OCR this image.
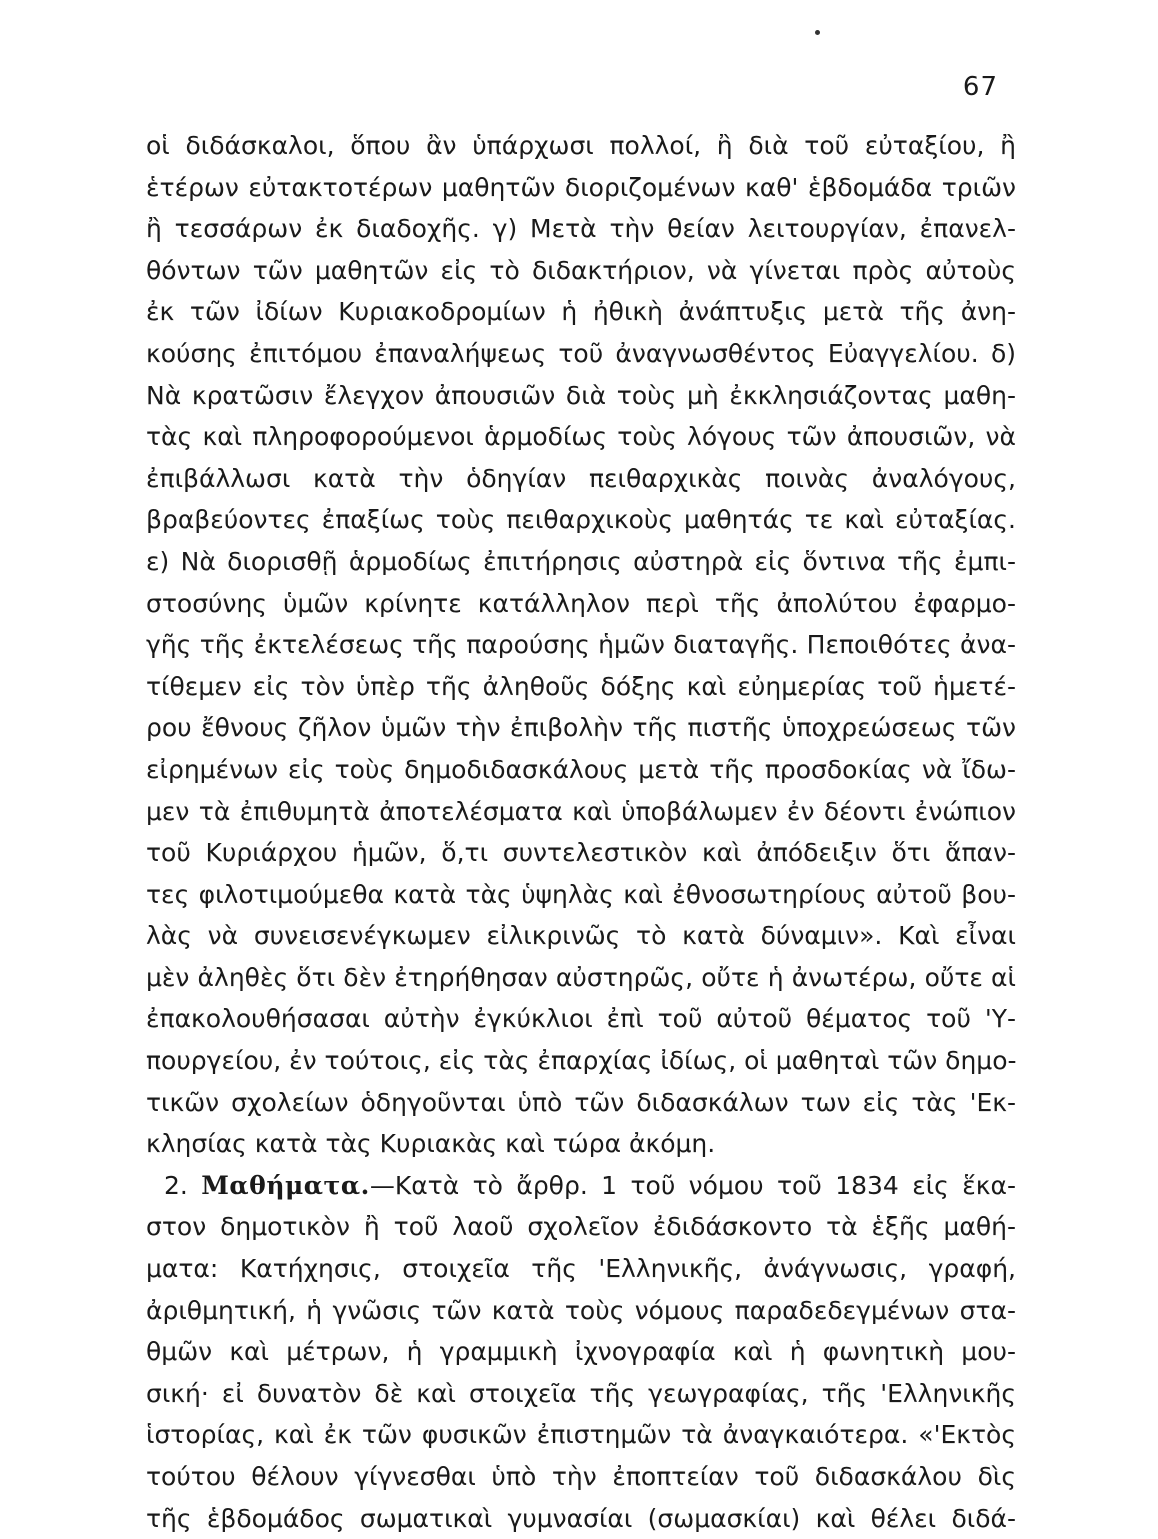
67
οἱ διδάσκαλοι, ὅπου ἂν ὑπάρχωσι πολλοί, ἢ διὰ τοῦ εὐταξίου, ἢ
ἑτέρων εὐτακτοτέρων μαθητῶν διοριζομένων καθ' ἑβδομάδα τριῶν
ἢ τεσσάρων ἐκ διαδοχῆς. γ) Μετὰ τὴν θείαν λειτουργίαν, ἐπανελ-
θόντων τῶν μαθητῶν εἰς τὸ διδακτήριον, νὰ γίνεται πρὸς αὐτοὺς
ἐκ τῶν ἰδίων Κυριακοδρομίων ἡ ἠθικὴ ἀνάπτυξις μετὰ τῆς ἀνη-
κούσης ἐπιτόμου ἐπαναλήψεως τοῦ ἀναγνωσθέντος Εὐαγγελίου. δ)
Νὰ κρατῶσιν ἔλεγχον ἀπουσιῶν διὰ τοὺς μὴ ἐκκλησιάζοντας μαθη-
τὰς καὶ πληροφορούμενοι ἁρμοδίως τοὺς λόγους τῶν ἀπουσιῶν, νὰ
ἐπιβάλλωσι κατὰ τὴν ὁδηγίαν πειθαρχικὰς ποινὰς ἀναλόγους,
βραβεύοντες ἐπαξίως τοὺς πειθαρχικοὺς μαθητάς τε καὶ εὐταξίας.
ε) Νὰ διορισθῇ ἁρμοδίως ἐπιτήρησις αὐστηρὰ εἰς ὅντινα τῆς ἐμπι-
στοσύνης ὑμῶν κρίνητε κατάλληλον περὶ τῆς ἀπολύτου ἐφαρμο-
γῆς τῆς ἐκτελέσεως τῆς παρούσης ἡμῶν διαταγῆς. Πεποιθότες ἀνα-
τίθεμεν εἰς τὸν ὑπὲρ τῆς ἀληθοῦς δόξης καὶ εὐημερίας τοῦ ἡμετέ-
ρου ἔθνους ζῆλον ὑμῶν τὴν ἐπιβολὴν τῆς πιστῆς ὑποχρεώσεως τῶν
εἰρημένων εἰς τοὺς δημοδιδασκάλους μετὰ τῆς προσδοκίας νὰ ἴδω-
μεν τὰ ἐπιθυμητὰ ἀποτελέσματα καὶ ὑποβάλωμεν ἐν δέοντι ἐνώπιον
τοῦ Κυριάρχου ἡμῶν, ὅ,τι συντελεστικὸν καὶ ἀπόδειξιν ὅτι ἅπαν-
τες φιλοτιμούμεθα κατὰ τὰς ὑψηλὰς καὶ ἐθνοσωτηρίους αὐτοῦ βου-
λὰς νὰ συνεισενέγκωμεν εἰλικρινῶς τὸ κατὰ δύναμιν». Καὶ εἶναι
μὲν ἀληθὲς ὅτι δὲν ἐτηρήθησαν αὐστηρῶς, οὔτε ἡ ἀνωτέρω, οὔτε αἱ
ἐπακολουθήσασαι αὐτὴν ἐγκύκλιοι ἐπὶ τοῦ αὐτοῦ θέματος τοῦ 'Υ-
πουργείου, ἐν τούτοις, εἰς τὰς ἐπαρχίας ἰδίως, οἱ μαθηταὶ τῶν δημο-
τικῶν σχολείων ὁδηγοῦνται ὑπὸ τῶν διδασκάλων των εἰς τὰς 'Εκ-
κλησίας κατὰ τὰς Κυριακὰς καὶ τώρα ἀκόμη.
2. Μαθήματα.—Κατὰ τὸ ἄρθρ. 1 τοῦ νόμου τοῦ 1834 εἰς ἕκα-
στον δημοτικὸν ἢ τοῦ λαοῦ σχολεῖον ἐδιδάσκοντο τὰ ἑξῆς μαθή-
ματα: Κατήχησις, στοιχεῖα τῆς 'Ελληνικῆς, ἀνάγνωσις, γραφή,
ἀριθμητική, ἡ γνῶσις τῶν κατὰ τοὺς νόμους παραδεδεγμένων στα-
θμῶν καὶ μέτρων, ἡ γραμμικὴ ἰχνογραφία καὶ ἡ φωνητικὴ μου-
σική· εἰ δυνατὸν δὲ καὶ στοιχεῖα τῆς γεωγραφίας, τῆς 'Ελληνικῆς
ἱστορίας, καὶ ἐκ τῶν φυσικῶν ἐπιστημῶν τὰ ἀναγκαιότερα. «'Εκτὸς
τούτου θέλουν γίγνεσθαι ὑπὸ τὴν ἐποπτείαν τοῦ διδασκάλου δὶς
τῆς ἑβδομάδος σωματικαὶ γυμνασίαι (σωμασκίαι) καὶ θέλει διδά-
